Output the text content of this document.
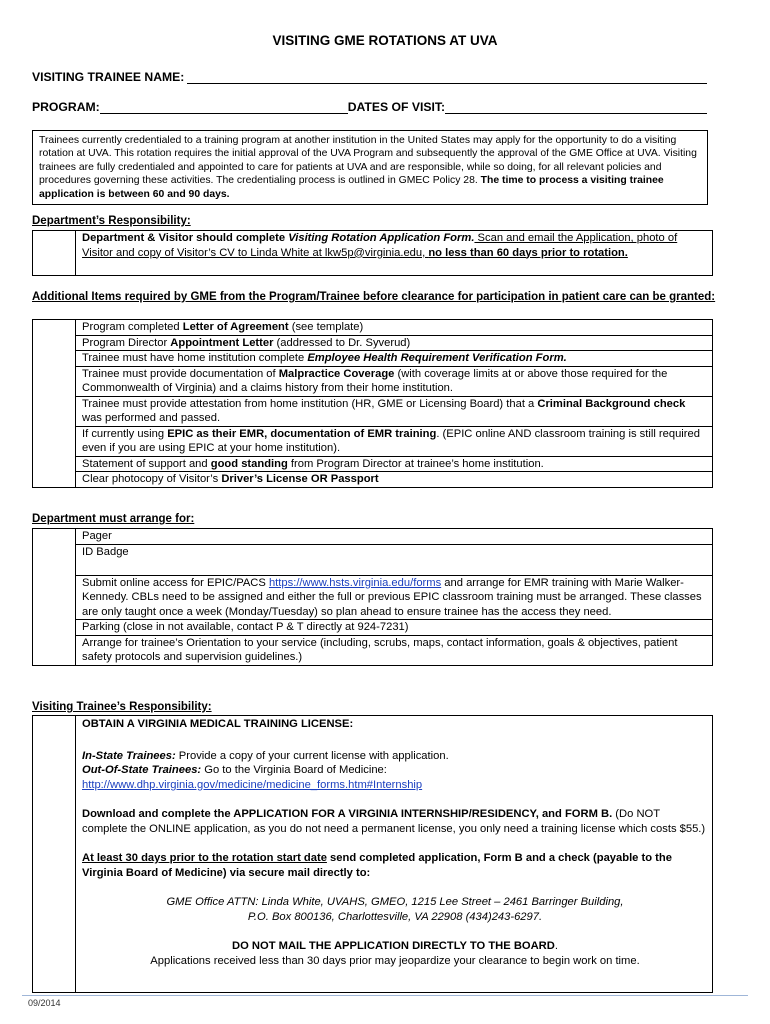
VISITING GME ROTATIONS AT UVA
VISITING TRAINEE NAME:
PROGRAM:	DATES OF VISIT:
Trainees currently credentialed to a training program at another institution in the United States may apply for the opportunity to do a visiting rotation at UVA. This rotation requires the initial approval of the UVA Program and subsequently the approval of the GME Office at UVA. Visiting trainees are fully credentialed and appointed to care for patients at UVA and are responsible, while so doing, for all relevant policies and procedures governing these activities. The credentialing process is outlined in GMEC Policy 28. The time to process a visiting trainee application is between 60 and 90 days.
Department’s Responsibility:
	Department & Visitor should complete Visiting Rotation Application Form. Scan and email the Application, photo of Visitor and copy of Visitor’s CV to Linda White at lkw5p@virginia.edu, no less than 60 days prior to rotation.
Additional Items required by GME from the Program/Trainee before clearance for participation in patient care can be granted:
	Program completed Letter of Agreement (see template)
Program Director Appointment Letter (addressed to Dr. Syverud)
Trainee must have home institution complete Employee Health Requirement Verification Form.
Trainee must provide documentation of Malpractice Coverage (with coverage limits at or above those required for the Commonwealth of Virginia) and a claims history from their home institution.
Trainee must provide attestation from home institution (HR, GME or Licensing Board) that a Criminal Background check was performed and passed.
If currently using EPIC as their EMR, documentation of EMR training. (EPIC online AND classroom training is still required even if you are using EPIC at your home institution).
Statement of support and good standing from Program Director at trainee’s home institution.
Clear photocopy of Visitor’s Driver’s License OR Passport
Department must arrange for:
	Pager
ID Badge
Submit online access for EPIC/PACS https://www.hsts.virginia.edu/forms and arrange for EMR training with Marie Walker-Kennedy. CBLs need to be assigned and either the full or previous EPIC classroom training must be arranged. These classes are only taught once a week (Monday/Tuesday) so plan ahead to ensure trainee has the access they need.
Parking (close in not available, contact P & T directly at 924-7231)
Arrange for trainee’s Orientation to your service (including, scrubs, maps, contact information, goals & objectives, patient safety protocols and supervision guidelines.)
Visiting Trainee’s Responsibility:

OBTAIN A VIRGINIA MEDICAL TRAINING LICENSE:

In-State Trainees: Provide a copy of your current license with application.

Out-Of-State Trainees: Go to the Virginia Board of Medicine: http://www.dhp.virginia.gov/medicine/medicine_forms.htm#Internship

Download and complete the APPLICATION FOR A VIRGINIA INTERNSHIP/RESIDENCY, and FORM B. (Do NOT complete the ONLINE application, as you do not need a permanent license, you only need a training license which costs $55.)

At least 30 days prior to the rotation start date send completed application, Form B and a check (payable to the Virginia Board of Medicine) via secure mail directly to:

GME Office ATTN: Linda White, UVAHS, GMEO, 1215 Lee Street – 2461 Barringer Building,

P.O. Box 800136, Charlottesville, VA 22908 (434)243-6297.

DO NOT MAIL THE APPLICATION DIRECTLY TO THE BOARD.

Applications received less than 30 days prior may jeopardize your clearance to begin work on time.

09/2014
